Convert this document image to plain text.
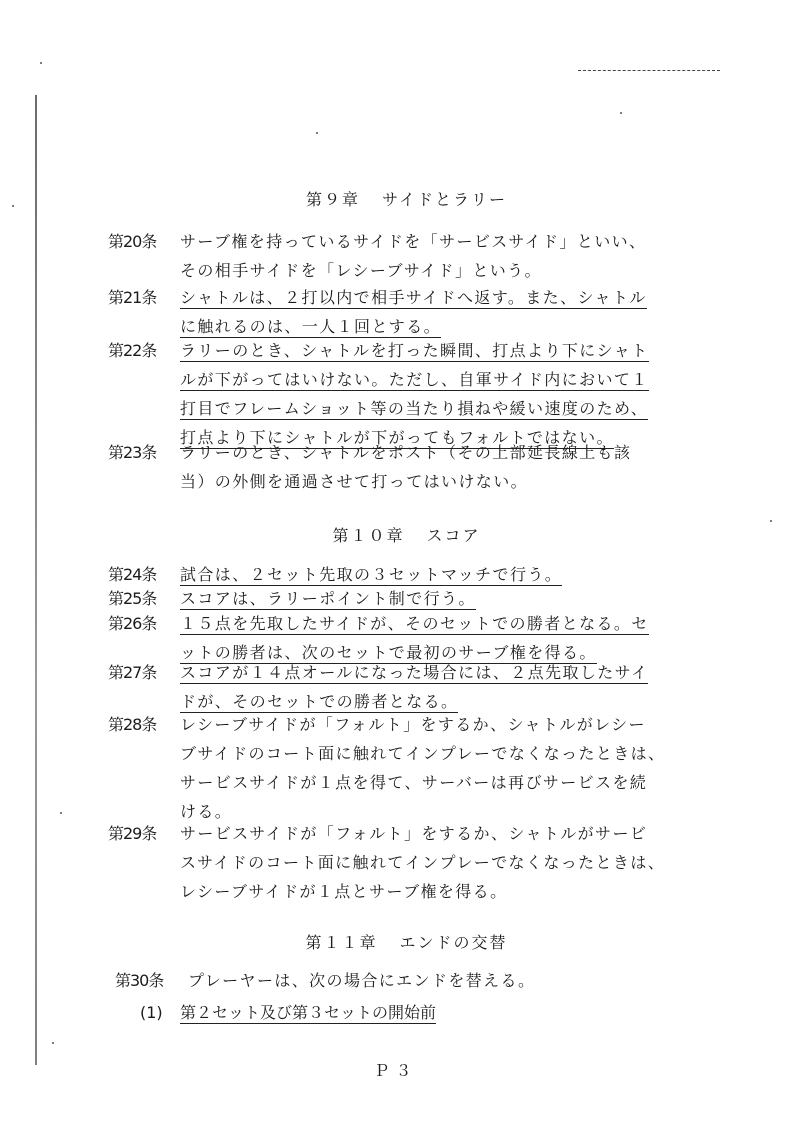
第９章 サイドとラリー
第20条 サーブ権を持っているサイドを「サービスサイド」といい、
その相手サイドを「レシーブサイド」という。
第21条 シャトルは、２打以内で相手サイドへ返す。また、シャトル
に触れるのは、一人１回とする。
第22条 ラリーのとき、シャトルを打った瞬間、打点より下にシャト
ルが下がってはいけない。ただし、自軍サイド内において１
打目でフレームショット等の当たり損ねや緩い速度のため、
打点より下にシャトルが下がってもフォルトではない。
第23条 ラリーのとき、シャトルをポスト（その上部延長線上も該
当）の外側を通過させて打ってはいけない。
第１０章 スコア
第24条 試合は、２セット先取の３セットマッチで行う。
第25条 スコアは、ラリーポイント制で行う。
第26条 １５点を先取したサイドが、そのセットでの勝者となる。セ
ットの勝者は、次のセットで最初のサーブ権を得る。
第27条 スコアが１４点オールになった場合には、２点先取したサイ
ドが、そのセットでの勝者となる。
第28条 レシーブサイドが「フォルト」をするか、シャトルがレシー
ブサイドのコート面に触れてインプレーでなくなったときは、
サービスサイドが１点を得て、サーバーは再びサービスを続
ける。
第29条 サービスサイドが「フォルト」をするか、シャトルがサービ
スサイドのコート面に触れてインプレーでなくなったときは、
レシーブサイドが１点とサーブ権を得る。
第１１章 エンドの交替
第30条 プレーヤーは、次の場合にエンドを替える。
(1) 第２セット及び第３セットの開始前
Ｐ３
